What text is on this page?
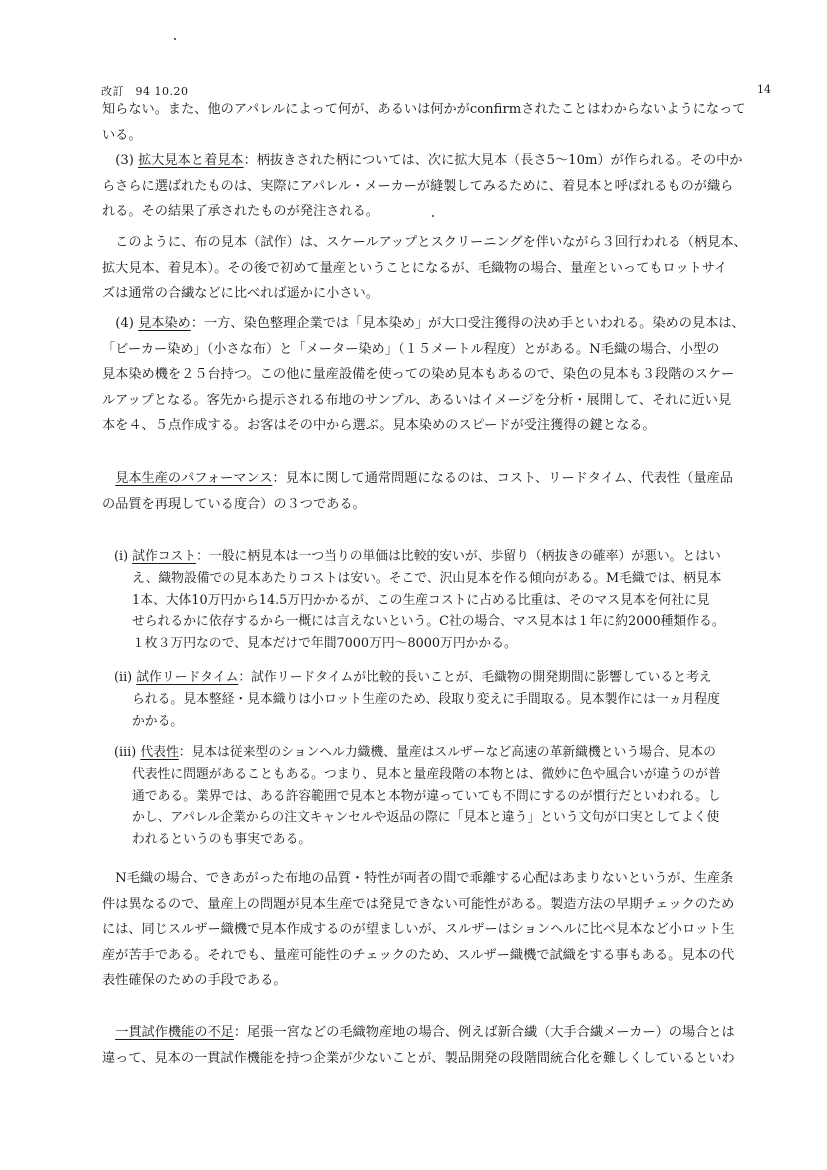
改訂　94 10.20	14
知らない。また、他のアパレルによって何が、あるいは何かがconfirmされたことはわからないようになって
いる。
　(3) 拡大見本と着見本：柄抜きされた柄については、次に拡大見本（長さ5～10m）が作られる。その中か
らさらに選ばれたものは、実際にアパレル・メーカーが縫製してみるために、着見本と呼ばれるものが織ら
れる。その結果了承されたものが発注される。
　このように、布の見本（試作）は、スケールアップとスクリーニングを伴いながら３回行われる（柄見本、
拡大見本、着見本）。その後で初めて量産ということになるが、毛織物の場合、量産といってもロットサイ
ズは通常の合繊などに比べれば遥かに小さい。
　(4) 見本染め：一方、染色整理企業では「見本染め」が大口受注獲得の決め手といわれる。染めの見本は、
「ビーカー染め」（小さな布）と「メーター染め」（１５メートル程度）とがある。N毛織の場合、小型の
見本染め機を２５台持つ。この他に量産設備を使っての染め見本もあるので、染色の見本も３段階のスケー
ルアップとなる。客先から提示される布地のサンプル、あるいはイメージを分析・展開して、それに近い見
本を４、５点作成する。お客はその中から選ぶ。見本染めのスピードが受注獲得の鍵となる。
　見本生産のパフォーマンス：見本に関して通常問題になるのは、コスト、リードタイム、代表性（量産品
の品質を再現している度合）の３つである。
(i) 試作コスト：一般に柄見本は一つ当りの単価は比較的安いが、歩留り（柄抜きの確率）が悪い。とはい
え、織物設備での見本あたりコストは安い。そこで、沢山見本を作る傾向がある。M毛織では、柄見本
1本、大体10万円から14.5万円かかるが、この生産コストに占める比重は、そのマス見本を何社に見
せられるかに依存するから一概には言えないという。C社の場合、マス見本は１年に約2000種類作る。
１枚３万円なので、見本だけで年間7000万円～8000万円かかる。
(ii) 試作リードタイム：試作リードタイムが比較的長いことが、毛織物の開発期間に影響していると考え
られる。見本整経・見本織りは小ロット生産のため、段取り変えに手間取る。見本製作には一ヵ月程度
かかる。
(iii) 代表性：見本は従来型のションヘル力織機、量産はスルザーなど高速の革新織機という場合、見本の
代表性に問題があることもある。つまり、見本と量産段階の本物とは、微妙に色や風合いが違うのが普
通である。業界では、ある許容範囲で見本と本物が違っていても不問にするのが慣行だといわれる。し
かし、アパレル企業からの注文キャンセルや返品の際に「見本と違う」という文句が口実としてよく使
われるというのも事実である。
　N毛織の場合、できあがった布地の品質・特性が両者の間で乖離する心配はあまりないというが、生産条
件は異なるので、量産上の問題が見本生産では発見できない可能性がある。製造方法の早期チェックのため
には、同じスルザー織機で見本作成するのが望ましいが、スルザーはションヘルに比べ見本など小ロット生
産が苦手である。それでも、量産可能性のチェックのため、スルザー織機で試織をする事もある。見本の代
表性確保のための手段である。
　一貫試作機能の不足：尾張一宮などの毛織物産地の場合、例えば新合繊（大手合繊メーカー）の場合とは
違って、見本の一貫試作機能を持つ企業が少ないことが、製品開発の段階間統合化を難しくしているといわ
